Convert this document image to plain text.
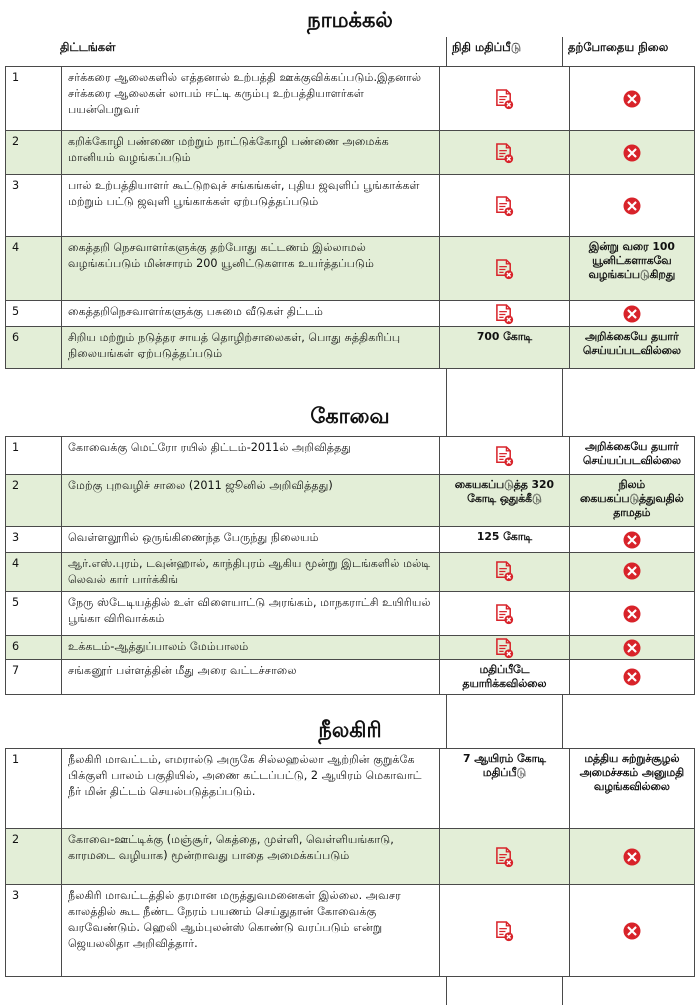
நாமக்கல்
திட்டங்கள்	நிதி மதிப்பீடு	தற்போதைய நிலை
1	சர்க்கரை ஆலைகளில் எத்தனால் உற்பத்தி ஊக்குவிக்கப்படும்.இதனால் சர்க்கரை ஆலைகள் லாபம் ஈட்டி கரும்பு உற்பத்தியாளர்கள் பயன்பெறுவர்	

2	கறிக்கோழி பண்ணை மற்றும் நாட்டுக்கோழி பண்ணை அமைக்க மானியம் வழங்கப்படும்	

3	பால் உற்பத்தியாளர் கூட்டுறவுச் சங்கங்கள், புதிய ஜவுளிப் பூங்காக்கள் மற்றும் பட்டு ஜவுளி பூங்காக்கள் ஏற்படுத்தப்படும்	

4	கைத்தறி நெசவாளர்களுக்கு தற்போது கட்டணம் இல்லாமல் வழங்கப்படும் மின்சாரம் 200 யூனிட்டுகளாக உயர்த்தப்படும்		இன்று வரை 100 யூனிட்களாகவே வழங்கப்படுகிறது

5	கைத்தறிநெசவாளர்களுக்கு பசுமை வீடுகள் திட்டம்	

6	சிறிய மற்றும் நடுத்தர சாயத் தொழிற்சாலைகள், பொது சுத்திகரிப்பு நிலையங்கள் ஏற்படுத்தப்படும்	700 கோடி	அறிக்கையே தயார் செய்யப்படவில்லை
கோவை
1	கோவைக்கு மெட்ரோ ரயில் திட்டம்-2011ல் அறிவித்தது		அறிக்கையே தயார் செய்யப்படவில்லை

2	மேற்கு புறவழிச் சாலை (2011 ஜூனில் அறிவித்தது)	கையகப்படுத்த 320 கோடி ஒதுக்கீடு	நிலம் கையகப்படுத்துவதில் தாமதம்

3	வெள்ளலூரில் ஒருங்கிணைந்த பேருந்து நிலையம்	125 கோடி

4	ஆர்.எஸ்.புரம், டவுன்ஹால், காந்திபுரம் ஆகிய மூன்று இடங்களில் மல்டி லெவல் கார் பார்க்கிங்	

5	நேரு ஸ்டேடியத்தில் உள் விளையாட்டு அரங்கம், மாநகராட்சி உயிரியல் பூங்கா விரிவாக்கம்	

6	உக்கடம்-ஆத்துப்பாலம் மேம்பாலம்	

7	சங்கனூர் பள்ளத்தின் மீது அரை வட்டச்சாலை	மதிப்பீடே தயாரிக்கவில்லை

நீலகிரி
1	நீலகிரி மாவட்டம், எமரால்டு அருகே சில்லஹல்லா ஆற்றின் குறுக்கே பிக்குளி பாலம் பகுதியில், அணை கட்டப்பட்டு, 2 ஆயிரம் மெகாவாட் நீர் மின் திட்டம் செயல்படுத்தப்படும்.	7 ஆயிரம் கோடி மதிப்பீடு	மத்திய சுற்றுச்சூழல் அமைச்சகம் அனுமதி வழங்கவில்லை

2	கோவை-ஊட்டிக்கு (மஞ்சூர், கெத்தை, முள்ளி, வெள்ளியங்காடு, காரமடை வழியாக) மூன்றாவது பாதை அமைக்கப்படும்	

3	நீலகிரி மாவட்டத்தில் தரமான மருத்துவமனைகள் இல்லை. அவசர காலத்தில் கூட நீண்ட நேரம் பயணம் செய்துதான் கோவைக்கு வரவேண்டும். ஹெலி ஆம்புலன்ஸ் கொண்டு வரப்படும் என்று ஜெயலலிதா அறிவித்தார்.	
